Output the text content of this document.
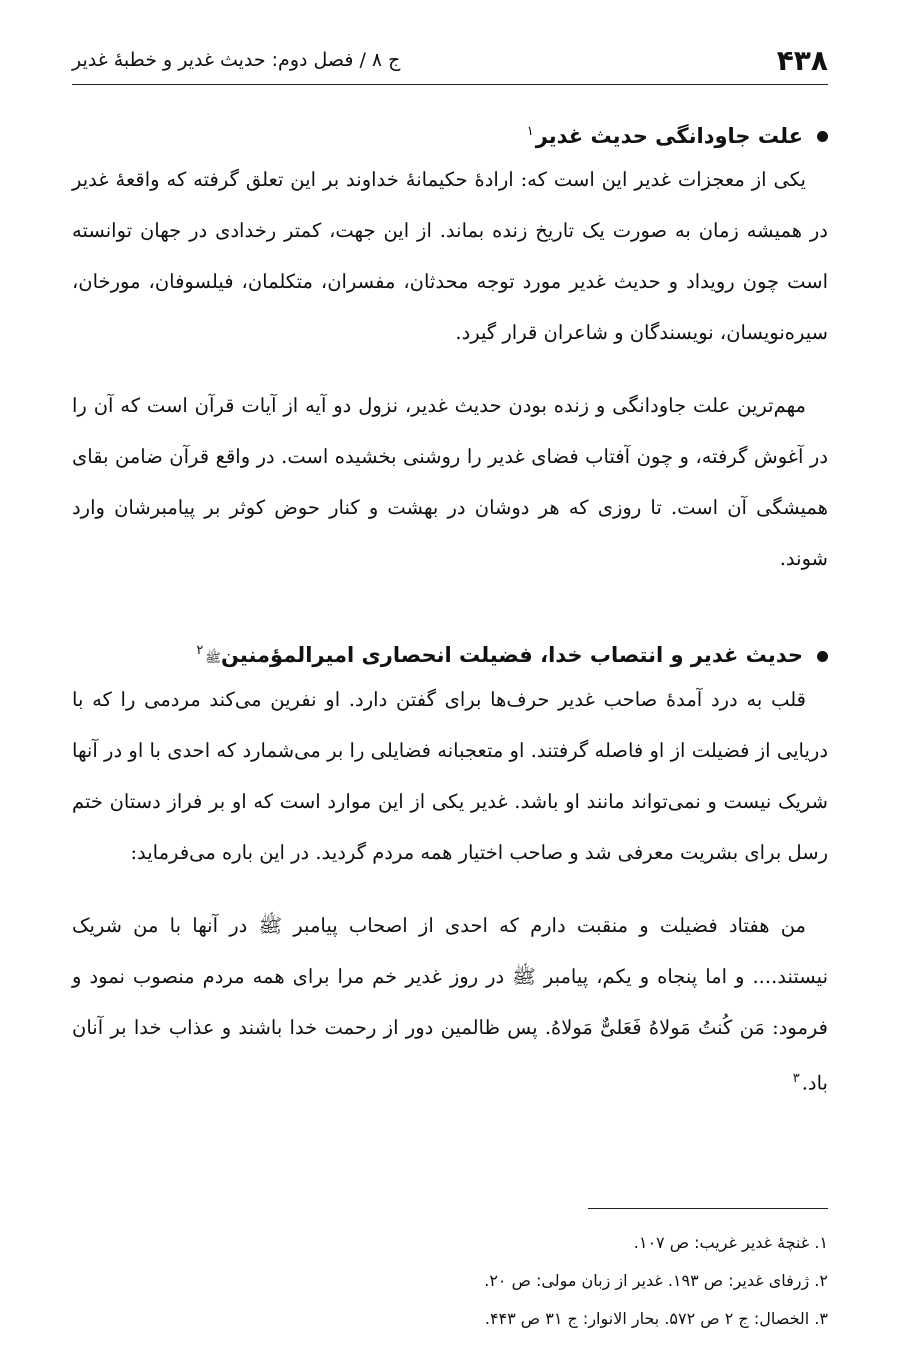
۴۳۸
ج ۸ / فصل دوم: حدیث غدیر و خطبۀ غدیر
علت جاودانگی حدیث غدیر$^۱$

یکی از معجزات غدیر این است که: ارادۀ حکیمانۀ خداوند بر این تعلق گرفته که واقعۀ غدیر در همیشه زمان به صورت یک تاریخ زنده بماند. از این جهت، کمتر رخدادی در جهان توانسته است چون رویداد و حدیث غدیر مورد توجه محدثان، مفسران، متکلمان، فیلسوفان، مورخان، سیره‌نویسان، نویسندگان و شاعران قرار گیرد.

مهم‌ترین علت جاودانگی و زنده بودن حدیث غدیر، نزول دو آیه از آیات قرآن است که آن را در آغوش گرفته، و چون آفتاب فضای غدیر را روشنی بخشیده است. در واقع قرآن ضامن بقای همیشگی آن است. تا روزی که هر دوشان در بهشت و کنار حوض کوثر بر پیامبرشان وارد شوند.

حدیث غدیر و انتصاب خدا، فضیلت انحصاری امیرالمؤمنینﷺ$^۲$

قلب به درد آمدۀ صاحب غدیر حرف‌ها برای گفتن دارد. او نفرین می‌کند مردمی را که با دریایی از فضیلت از او فاصله گرفتند. او متعجبانه فضایلی را بر می‌شمارد که احدی با او در آنها شریک نیست و نمی‌تواند مانند او باشد. غدیر یکی از این موارد است که او بر فراز دستان ختم رسل برای بشریت معرفی شد و صاحب اختیار همه مردم گردید. در این باره می‌فرماید:

من هفتاد فضیلت و منقبت دارم که احدی از اصحاب پیامبر ﷺ در آنها با من شریک نیستند.... و اما پنجاه و یکم، پیامبر ﷺ در روز غدیر خم مرا برای همه مردم منصوب نمود و فرمود: مَن کُنتُ مَولاهُ فَعَلیٌّ مَولاهُ. پس ظالمین دور از رحمت خدا باشند و عذاب خدا بر آنان باد.$^۳$

۱. غنچۀ غدیر غریب: ص ۱۰۷.
۲. ژرفای غدیر: ص ۱۹۳. غدیر از زبان مولی: ص ۲۰.
۳. الخصال: ج ۲ ص ۵۷۲. بحار الانوار: ج ۳۱ ص ۴۴۳.
